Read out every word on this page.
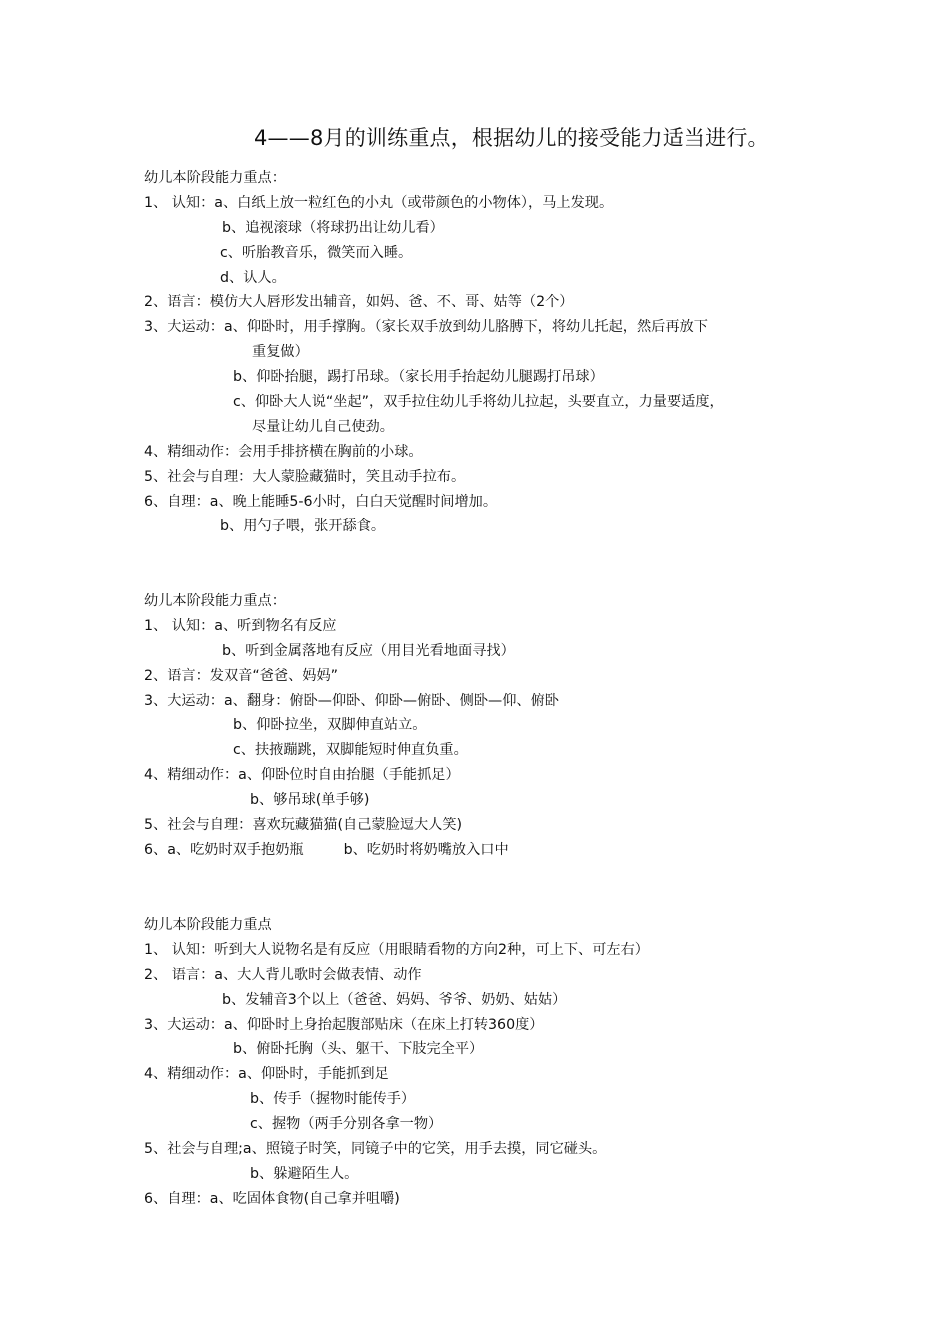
4——8月的训练重点，根据幼儿的接受能力适当进行。
幼儿本阶段能力重点：
1、 认知：a、白纸上放一粒红色的小丸（或带颜色的小物体），马上发现。
b、追视滚球（将球扔出让幼儿看）
c、听胎教音乐，微笑而入睡。
d、认人。
2、语言：模仿大人唇形发出辅音，如妈、爸、不、哥、姑等（2个）
3、大运动：a、仰卧时，用手撑胸。（家长双手放到幼儿胳膊下，将幼儿托起，然后再放下
重复做）
b、仰卧抬腿，踢打吊球。（家长用手抬起幼儿腿踢打吊球）
c、仰卧大人说“坐起”，双手拉住幼儿手将幼儿拉起，头要直立，力量要适度，
尽量让幼儿自己使劲。
4、精细动作：会用手排挤横在胸前的小球。
5、社会与自理：大人蒙脸藏猫时，笑且动手拉布。
6、自理：a、晚上能睡5-6小时，白白天觉醒时间增加。
b、用勺子喂，张开舔食。
幼儿本阶段能力重点：
1、 认知：a、听到物名有反应
b、听到金属落地有反应（用目光看地面寻找）
2、语言：发双音“爸爸、妈妈”
3、大运动：a、翻身：俯卧—仰卧、仰卧—俯卧、侧卧—仰、俯卧
b、仰卧拉坐，双脚伸直站立。
c、扶掖蹦跳，双脚能短时伸直负重。
4、精细动作：a、仰卧位时自由抬腿（手能抓足）
b、够吊球(单手够)
5、社会与自理：喜欢玩藏猫猫(自己蒙脸逗大人笑)
6、a、吃奶时双手抱奶瓶	b、吃奶时将奶嘴放入口中
幼儿本阶段能力重点
1、 认知：听到大人说物名是有反应（用眼睛看物的方向2种，可上下、可左右）
2、 语言：a、大人背儿歌时会做表情、动作
b、发辅音3个以上（爸爸、妈妈、爷爷、奶奶、姑姑）
3、大运动：a、仰卧时上身抬起腹部贴床（在床上打转360度）
b、俯卧托胸（头、躯干、下肢完全平）
4、精细动作：a、仰卧时，手能抓到足
b、传手（握物时能传手）
c、握物（两手分别各拿一物）
5、社会与自理;a、照镜子时笑，同镜子中的它笑，用手去摸，同它碰头。
b、躲避陌生人。
6、自理：a、吃固体食物(自己拿并咀嚼)
